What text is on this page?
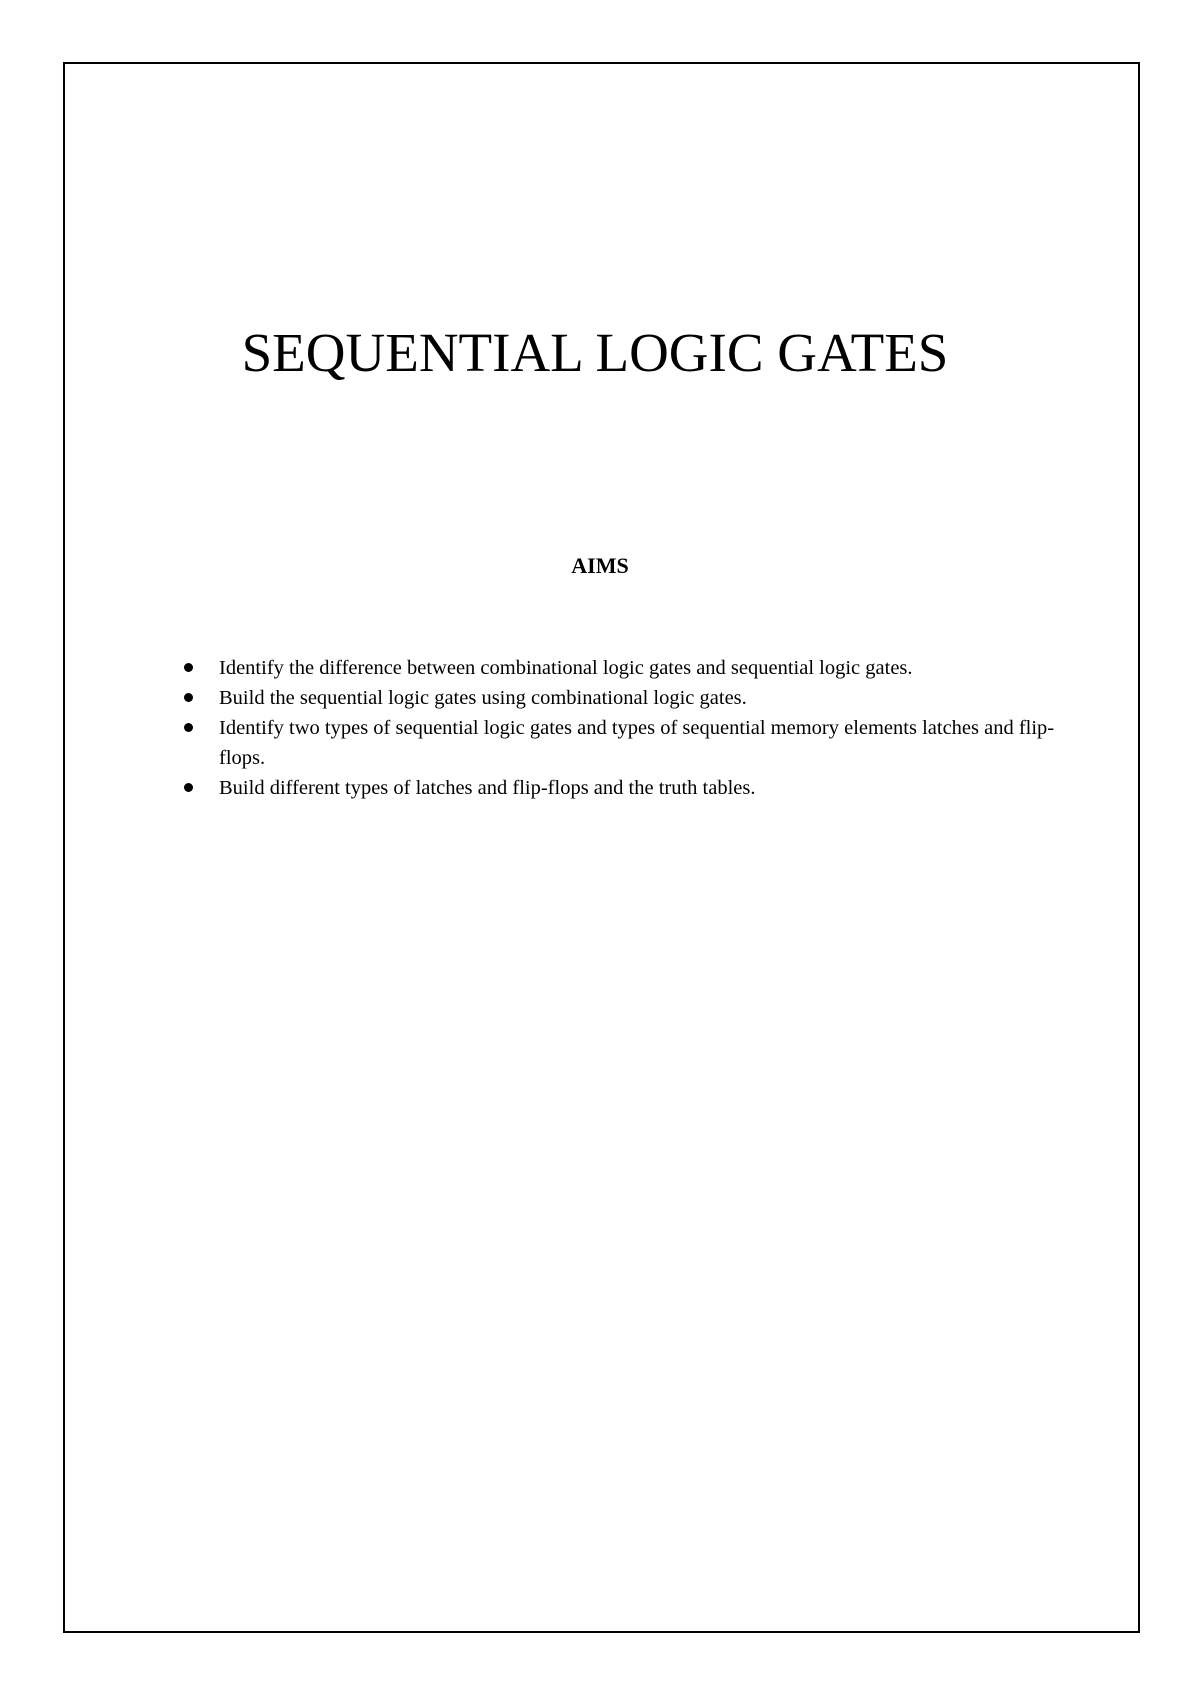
SEQUENTIAL LOGIC GATES
AIMS
Identify the difference between combinational logic gates and sequential logic gates.
Build the sequential logic gates using combinational logic gates.
Identify two types of sequential logic gates and types of sequential memory elements latches and flip-flops.
Build different types of latches and flip-flops and the truth tables.
